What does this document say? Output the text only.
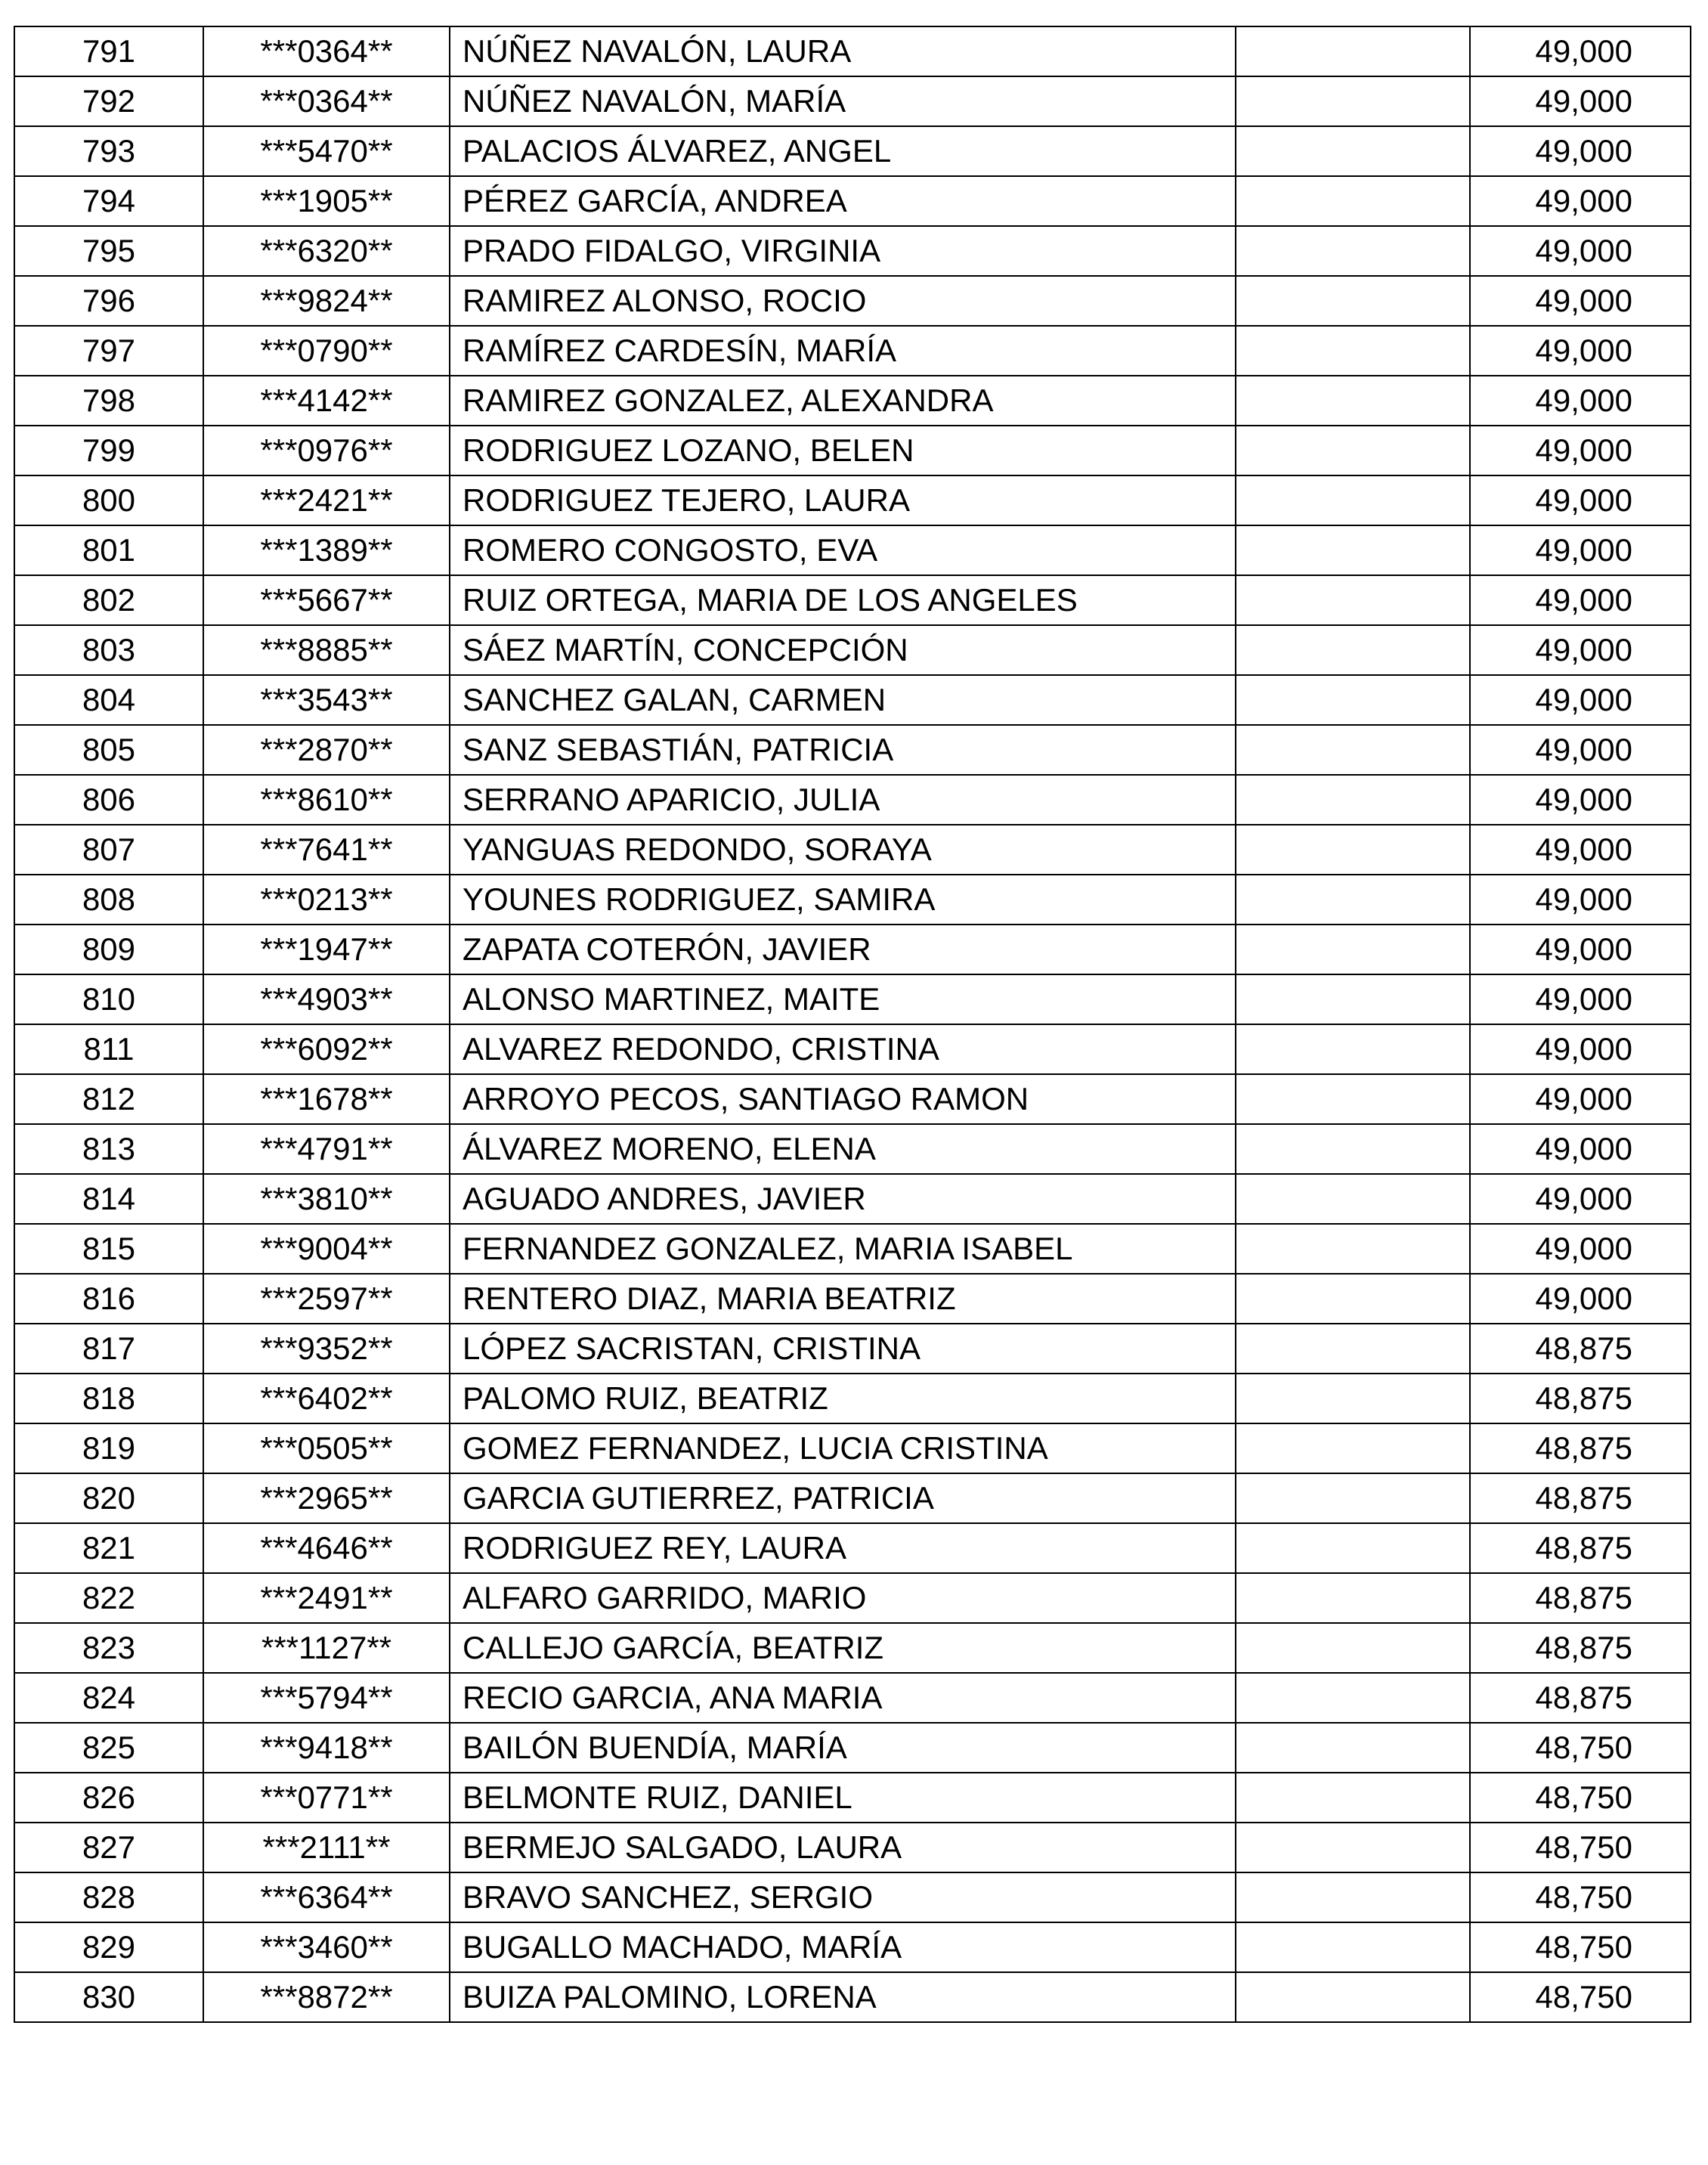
791	***0364**	NÚÑEZ NAVALÓN, LAURA		49,000
792	***0364**	NÚÑEZ NAVALÓN, MARÍA		49,000
793	***5470**	PALACIOS ÁLVAREZ, ANGEL		49,000
794	***1905**	PÉREZ GARCÍA, ANDREA		49,000
795	***6320**	PRADO FIDALGO, VIRGINIA		49,000
796	***9824**	RAMIREZ ALONSO, ROCIO		49,000
797	***0790**	RAMÍREZ CARDESÍN, MARÍA		49,000
798	***4142**	RAMIREZ GONZALEZ, ALEXANDRA		49,000
799	***0976**	RODRIGUEZ LOZANO, BELEN		49,000
800	***2421**	RODRIGUEZ TEJERO, LAURA		49,000
801	***1389**	ROMERO CONGOSTO, EVA		49,000
802	***5667**	RUIZ ORTEGA, MARIA DE LOS ANGELES		49,000
803	***8885**	SÁEZ MARTÍN, CONCEPCIÓN		49,000
804	***3543**	SANCHEZ GALAN, CARMEN		49,000
805	***2870**	SANZ SEBASTIÁN, PATRICIA		49,000
806	***8610**	SERRANO APARICIO, JULIA		49,000
807	***7641**	YANGUAS REDONDO, SORAYA		49,000
808	***0213**	YOUNES RODRIGUEZ, SAMIRA		49,000
809	***1947**	ZAPATA COTERÓN, JAVIER		49,000
810	***4903**	ALONSO MARTINEZ, MAITE		49,000
811	***6092**	ALVAREZ REDONDO, CRISTINA		49,000
812	***1678**	ARROYO PECOS, SANTIAGO RAMON		49,000
813	***4791**	ÁLVAREZ MORENO, ELENA		49,000
814	***3810**	AGUADO ANDRES, JAVIER		49,000
815	***9004**	FERNANDEZ GONZALEZ, MARIA ISABEL		49,000
816	***2597**	RENTERO DIAZ, MARIA BEATRIZ		49,000
817	***9352**	LÓPEZ SACRISTAN, CRISTINA		48,875
818	***6402**	PALOMO RUIZ, BEATRIZ		48,875
819	***0505**	GOMEZ FERNANDEZ, LUCIA CRISTINA		48,875
820	***2965**	GARCIA GUTIERREZ, PATRICIA		48,875
821	***4646**	RODRIGUEZ REY, LAURA		48,875
822	***2491**	ALFARO GARRIDO, MARIO		48,875
823	***1127**	CALLEJO GARCÍA, BEATRIZ		48,875
824	***5794**	RECIO GARCIA, ANA MARIA		48,875
825	***9418**	BAILÓN BUENDÍA, MARÍA		48,750
826	***0771**	BELMONTE RUIZ, DANIEL		48,750
827	***2111**	BERMEJO SALGADO, LAURA		48,750
828	***6364**	BRAVO SANCHEZ, SERGIO		48,750
829	***3460**	BUGALLO MACHADO, MARÍA		48,750
830	***8872**	BUIZA PALOMINO, LORENA		48,750
